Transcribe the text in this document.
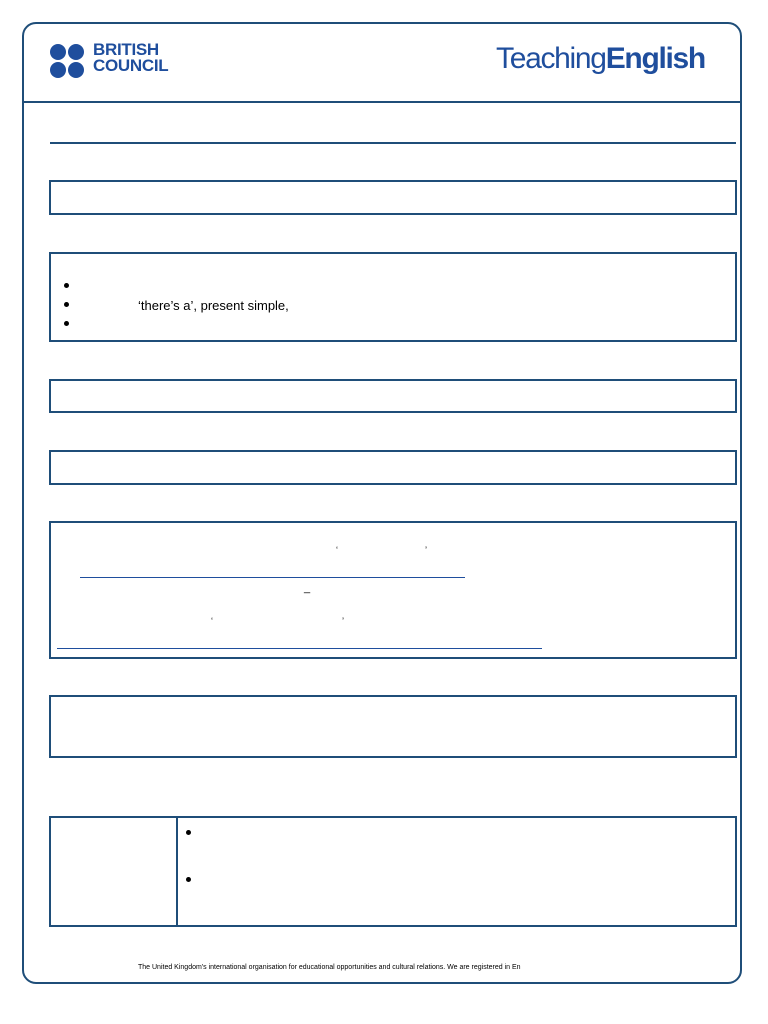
BRITISH
COUNCIL	TeachingEnglish
‘there’s a’, present simple,
‘	’
_
‘	’
The United Kingdom's international organisation for educational opportunities and cultural relations. We are registered in En
